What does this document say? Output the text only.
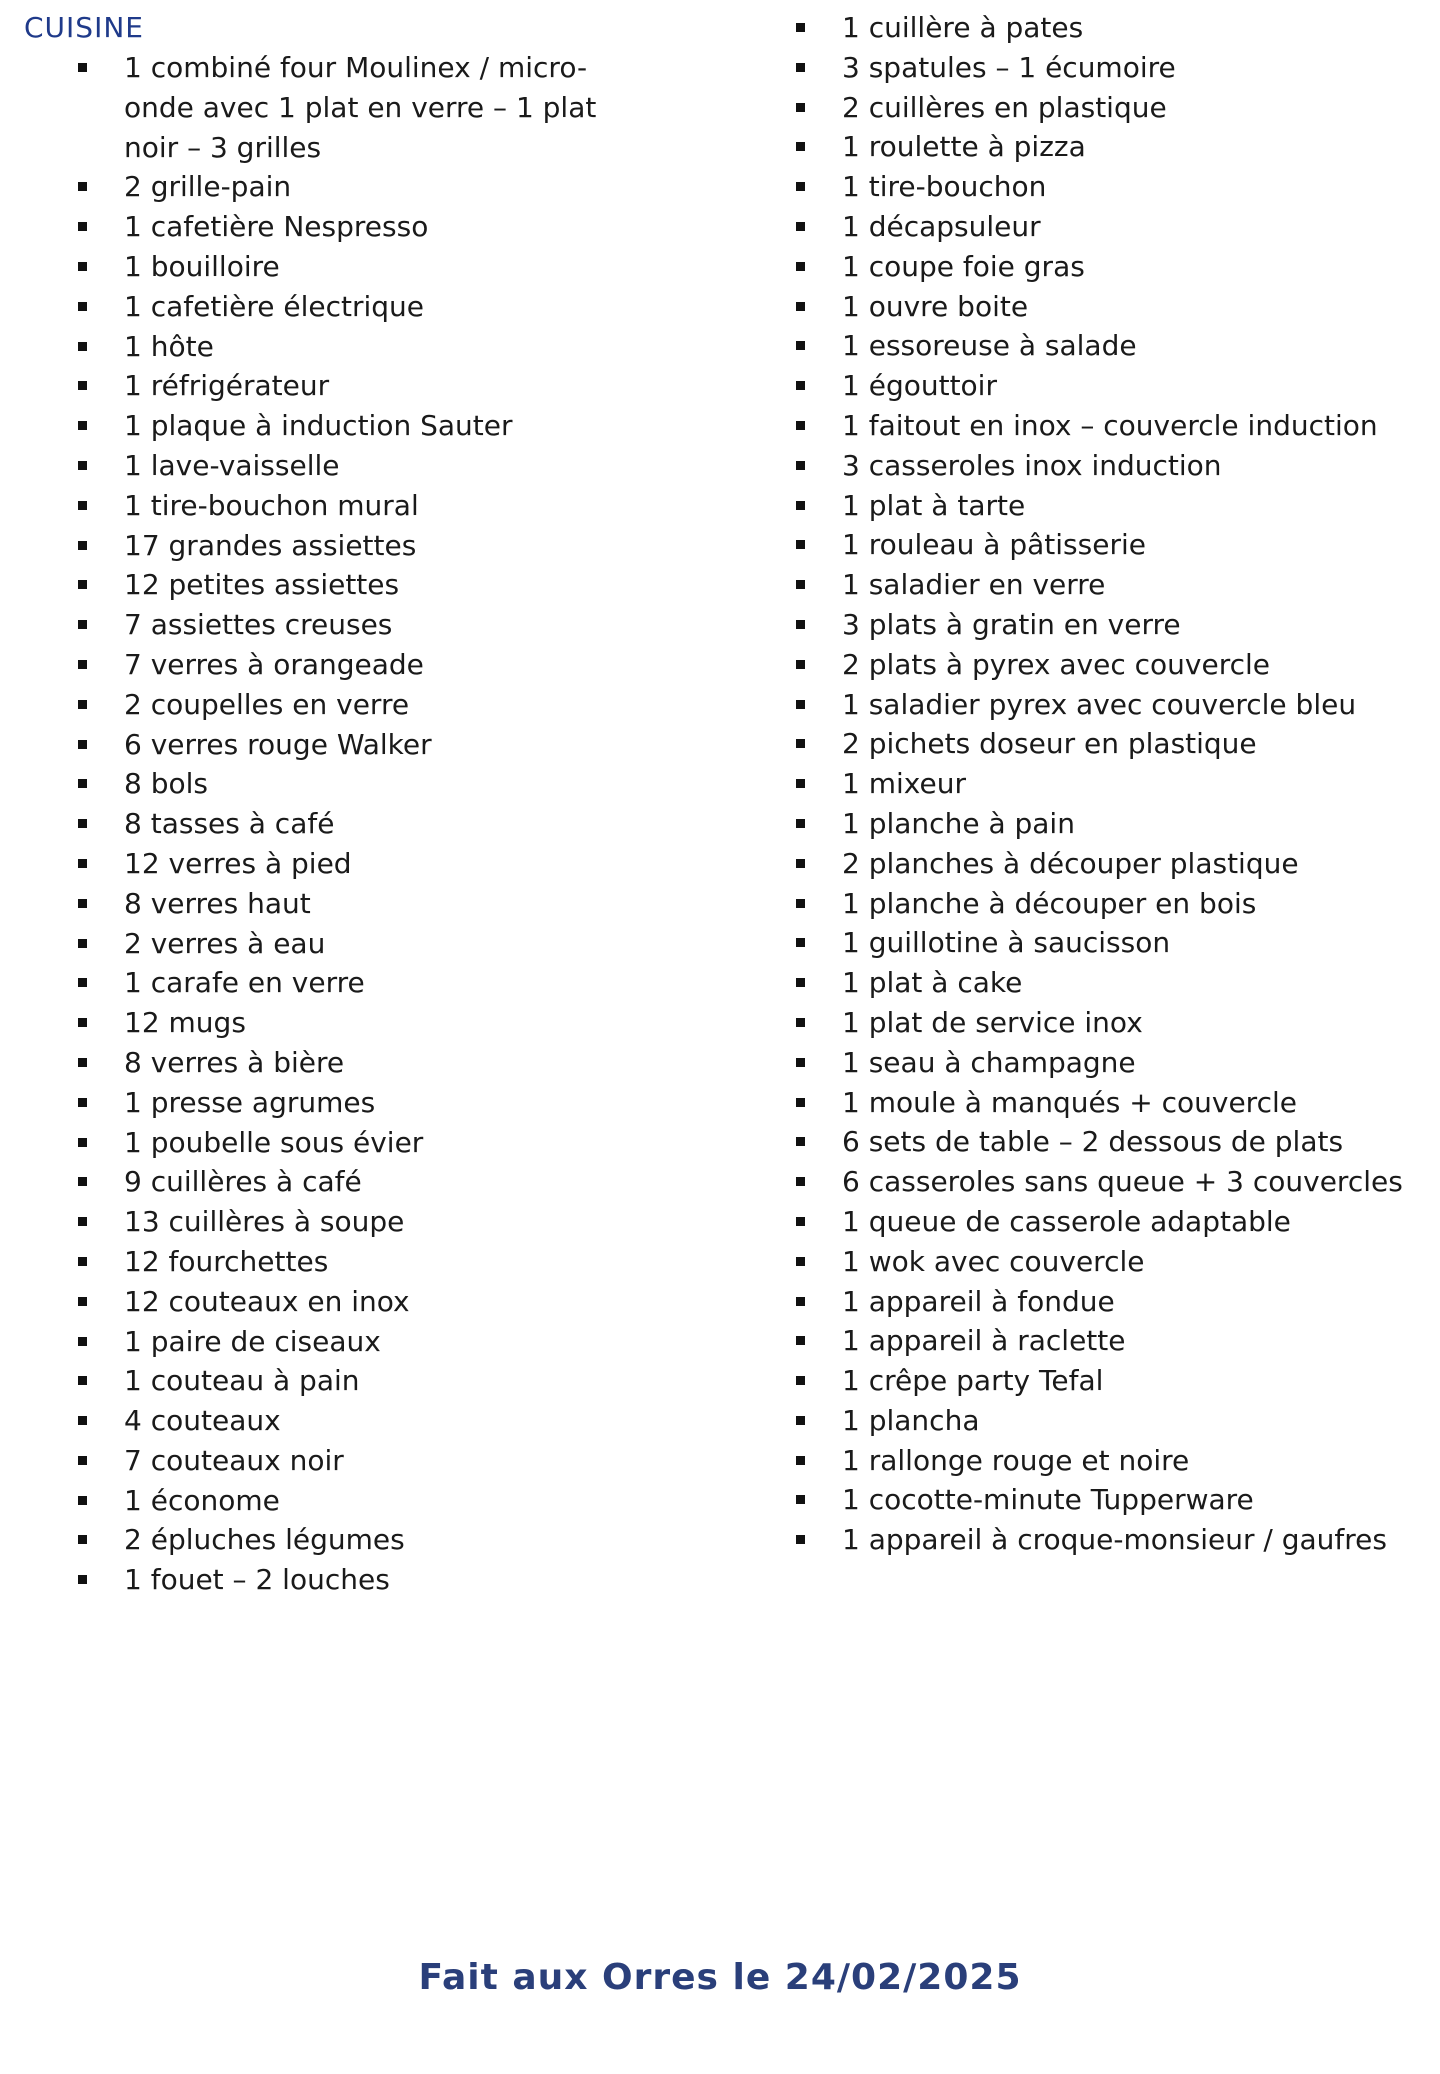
CUISINE
1 combiné four Moulinex / micro-onde avec 1 plat en verre – 1 plat noir – 3 grilles
2 grille-pain
1 cafetière Nespresso
1 bouilloire
1 cafetière électrique
1 hôte
1 réfrigérateur
1 plaque à induction Sauter
1 lave-vaisselle
1 tire-bouchon mural
17 grandes assiettes
12 petites assiettes
7 assiettes creuses
7 verres à orangeade
2 coupelles en verre
6 verres rouge Walker
8 bols
8 tasses à café
12 verres à pied
8 verres haut
2 verres à eau
1 carafe en verre
12 mugs
8 verres à bière
1 presse agrumes
1 poubelle sous évier
9 cuillères à café
13 cuillères à soupe
12 fourchettes
12 couteaux en inox
1 paire de ciseaux
1 couteau à pain
4 couteaux
7 couteaux noir
1 économe
2 épluches légumes
1 fouet – 2 louches
1 cuillère à pates
3 spatules – 1 écumoire
2 cuillères en plastique
1 roulette à pizza
1 tire-bouchon
1 décapsuleur
1 coupe foie gras
1 ouvre boite
1 essoreuse à salade
1 égouttoir
1 faitout en inox – couvercle induction
3 casseroles inox induction
1 plat à tarte
1 rouleau à pâtisserie
1 saladier en verre
3 plats à gratin en verre
2 plats à pyrex avec couvercle
1 saladier pyrex avec couvercle bleu
2 pichets doseur en plastique
1 mixeur
1 planche à pain
2 planches à découper plastique
1 planche à découper en bois
1 guillotine à saucisson
1 plat à cake
1 plat de service inox
1 seau à champagne
1 moule à manqués + couvercle
6 sets de table – 2 dessous de plats
6 casseroles sans queue + 3 couvercles
1 queue de casserole adaptable
1 wok avec couvercle
1 appareil à fondue
1 appareil à raclette
1 crêpe party Tefal
1 plancha
1 rallonge rouge et noire
1 cocotte-minute Tupperware
1 appareil à croque-monsieur / gaufres
Fait aux Orres le 24/02/2025
